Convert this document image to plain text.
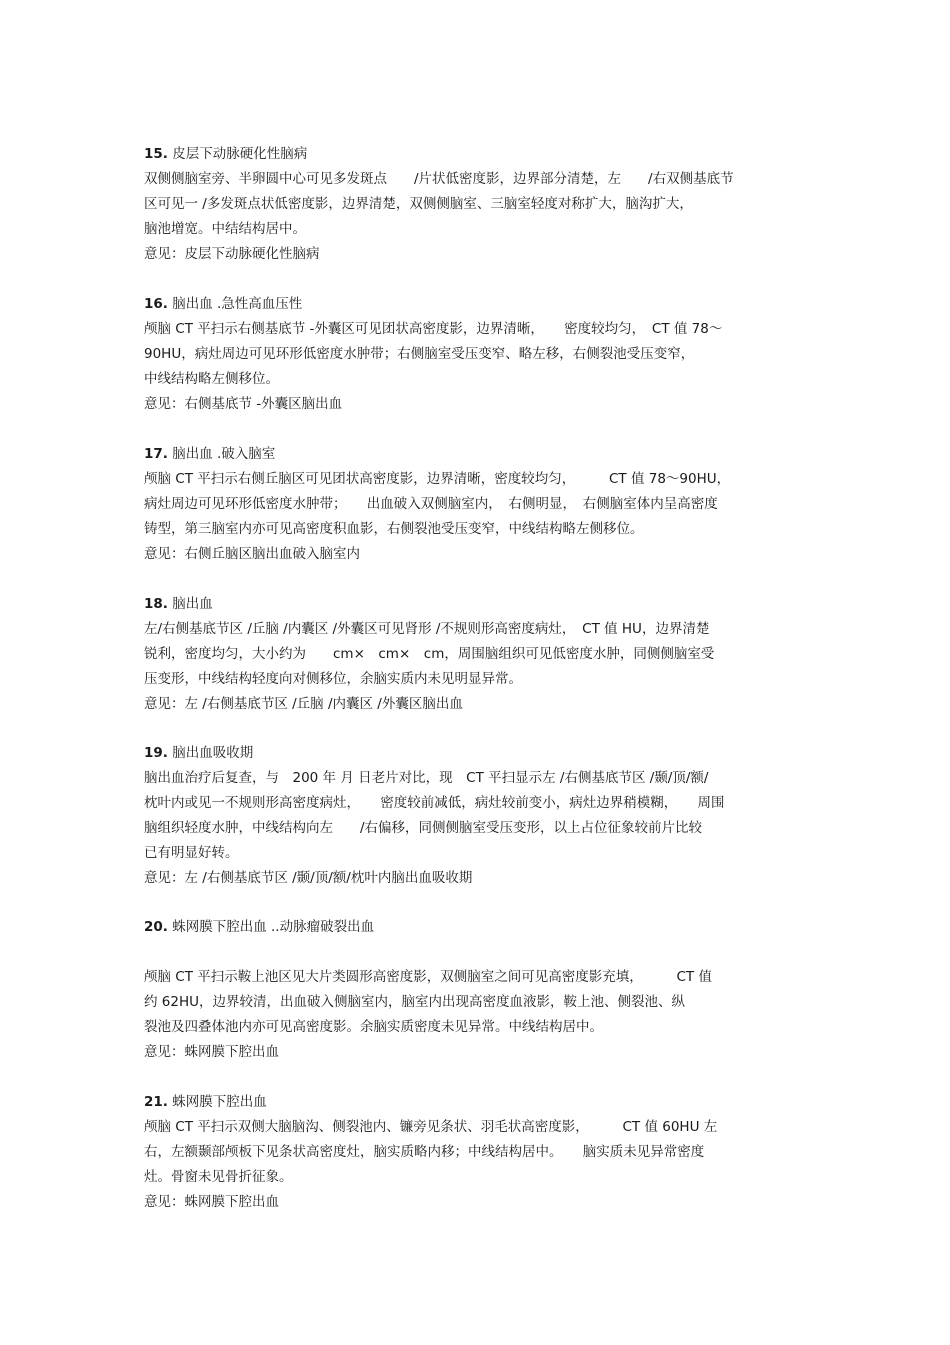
15. 皮层下动脉硬化性脑病
双侧侧脑室旁、半卵圆中心可见多发斑点　　/片状低密度影，边界部分清楚，左　　/右双侧基底节
区可见一 /多发斑点状低密度影，边界清楚，双侧侧脑室、三脑室轻度对称扩大，脑沟扩大，
脑池增宽。中结结构居中。
意见：皮层下动脉硬化性脑病
16. 脑出血 .急性高血压性
颅脑 CT 平扫示右侧基底节 -外囊区可见团状高密度影，边界清晰，　　密度较均匀，　CT 值 78～
90HU，病灶周边可见环形低密度水肿带；右侧脑室受压变窄、略左移，右侧裂池受压变窄，
中线结构略左侧移位。
意见：右侧基底节 -外囊区脑出血
17. 脑出血 .破入脑室
颅脑 CT 平扫示右侧丘脑区可见团状高密度影，边界清晰，密度较均匀，　　　CT 值 78～90HU，
病灶周边可见环形低密度水肿带；　　出血破入双侧脑室内，　右侧明显，　右侧脑室体内呈高密度
铸型，第三脑室内亦可见高密度积血影，右侧裂池受压变窄，中线结构略左侧移位。
意见：右侧丘脑区脑出血破入脑室内
18. 脑出血
左/右侧基底节区 /丘脑 /内囊区 /外囊区可见肾形 /不规则形高密度病灶，　CT 值 HU，边界清楚
锐利，密度均匀，大小约为　　cm×　cm×　cm，周围脑组织可见低密度水肿，同侧侧脑室受
压变形，中线结构轻度向对侧移位，余脑实质内未见明显异常。
意见：左 /右侧基底节区 /丘脑 /内囊区 /外囊区脑出血
19. 脑出血吸收期
脑出血治疗后复查，与　200 年 月 日老片对比，现　CT 平扫显示左 /右侧基底节区 /颞/顶/额/
枕叶内或见一不规则形高密度病灶，　　密度较前减低，病灶较前变小，病灶边界稍模糊，　　周围
脑组织轻度水肿，中线结构向左　　/右偏移，同侧侧脑室受压变形，以上占位征象较前片比较
已有明显好转。
意见：左 /右侧基底节区 /颞/顶/额/枕叶内脑出血吸收期
20. 蛛网膜下腔出血 ..动脉瘤破裂出血
颅脑 CT 平扫示鞍上池区见大片类圆形高密度影，双侧脑室之间可见高密度影充填，　　　CT 值
约 62HU，边界较清，出血破入侧脑室内，脑室内出现高密度血液影，鞍上池、侧裂池、纵
裂池及四叠体池内亦可见高密度影。余脑实质密度未见异常。中线结构居中。
意见：蛛网膜下腔出血
21. 蛛网膜下腔出血
颅脑 CT 平扫示双侧大脑脑沟、侧裂池内、镰旁见条状、羽毛状高密度影，　　　CT 值 60HU 左
右，左额颞部颅板下见条状高密度灶，脑实质略内移；中线结构居中。　　脑实质未见异常密度
灶。骨窗未见骨折征象。
意见：蛛网膜下腔出血
